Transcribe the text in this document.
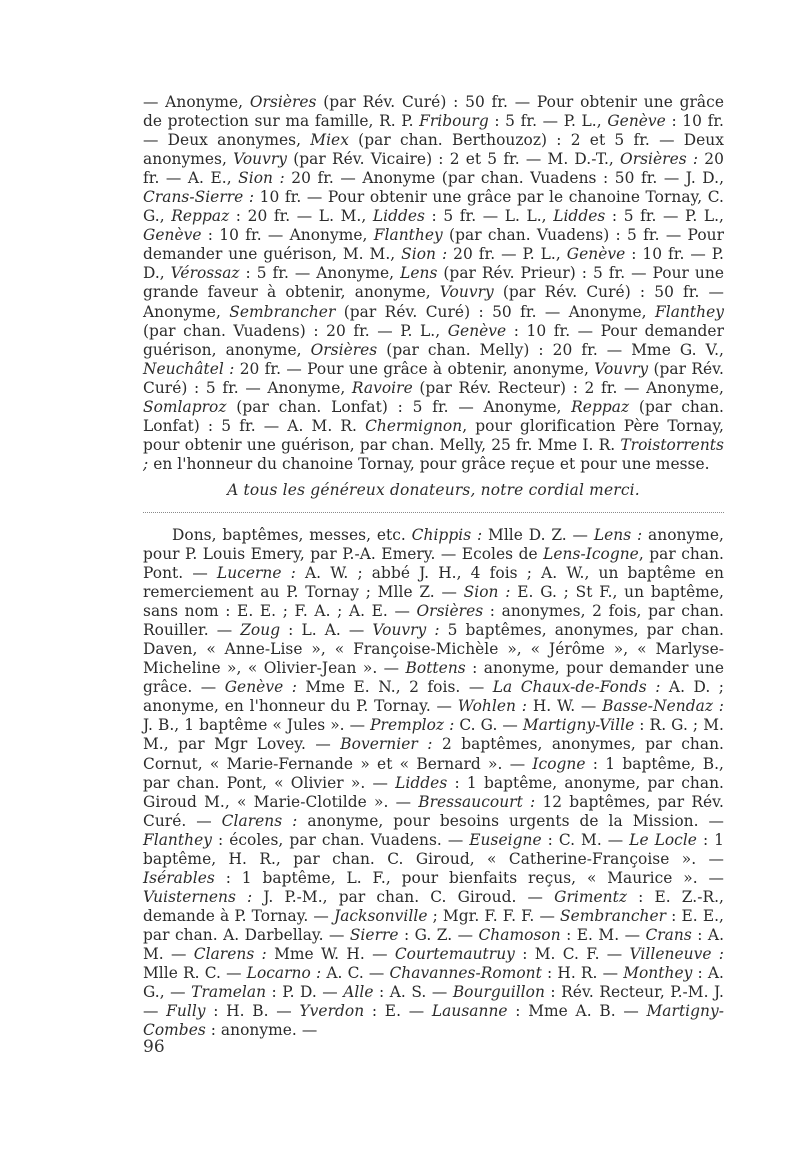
— Anonyme, Orsières (par Rév. Curé) : 50 fr. — Pour obtenir une grâce de protection sur ma famille, R. P. Fribourg : 5 fr. — P. L., Genève : 10 fr. — Deux anonymes, Miex (par chan. Berthouzoz) : 2 et 5 fr. — Deux anonymes, Vouvry (par Rév. Vicaire) : 2 et 5 fr. — M. D.-T., Orsières : 20 fr. — A. E., Sion : 20 fr. — Anonyme (par chan. Vuadens : 50 fr. — J. D., Crans-Sierre : 10 fr. — Pour obtenir une grâce par le chanoine Tornay, C. G., Reppaz : 20 fr. — L. M., Liddes : 5 fr. — L. L., Liddes : 5 fr. — P. L., Genève : 10 fr. — Anonyme, Flanthey (par chan. Vuadens) : 5 fr. — Pour demander une guérison, M. M., Sion : 20 fr. — P. L., Genève : 10 fr. — P. D., Vérossaz : 5 fr. — Anonyme, Lens (par Rév. Prieur) : 5 fr. — Pour une grande faveur à obtenir, anonyme, Vouvry (par Rév. Curé) : 50 fr. — Anonyme, Sembrancher (par Rév. Curé) : 50 fr. — Anonyme, Flanthey (par chan. Vuadens) : 20 fr. — P. L., Genève : 10 fr. — Pour demander guérison, anonyme, Orsières (par chan. Melly) : 20 fr. — Mme G. V., Neuchâtel : 20 fr. — Pour une grâce à obtenir, anonyme, Vouvry (par Rév. Curé) : 5 fr. — Anonyme, Ravoire (par Rév. Recteur) : 2 fr. — Anonyme, Somlaproz (par chan. Lonfat) : 5 fr. — Anonyme, Reppaz (par chan. Lonfat) : 5 fr. — A. M. R. Chermignon, pour glorification Père Tornay, pour obtenir une guérison, par chan. Melly, 25 fr. Mme I. R. Troistorrents ; en l'honneur du chanoine Tornay, pour grâce reçue et pour une messe.

A tous les généreux donateurs, notre cordial merci.

Dons, baptêmes, messes, etc. Chippis : Mlle D. Z. — Lens : anonyme, pour P. Louis Emery, par P.-A. Emery. — Ecoles de Lens-Icogne, par chan. Pont. — Lucerne : A. W. ; abbé J. H., 4 fois ; A. W., un baptême en remerciement au P. Tornay ; Mlle Z. — Sion : E. G. ; St F., un baptême, sans nom : E. E. ; F. A. ; A. E. — Orsières : anonymes, 2 fois, par chan. Rouiller. — Zoug : L. A. — Vouvry : 5 baptêmes, anonymes, par chan. Daven, « Anne-Lise », « Françoise-Michèle », « Jérôme », « Marlyse-Micheline », « Olivier-Jean ». — Bottens : anonyme, pour demander une grâce. — Genève : Mme E. N., 2 fois. — La Chaux-de-Fonds : A. D. ; anonyme, en l'honneur du P. Tornay. — Wohlen : H. W. — Basse-Nendaz : J. B., 1 baptême « Jules ». — Premploz : C. G. — Martigny-Ville : R. G. ; M. M., par Mgr Lovey. — Bovernier : 2 baptêmes, anonymes, par chan. Cornut, « Marie-Fernande » et « Bernard ». — Icogne : 1 baptême, B., par chan. Pont, « Olivier ». — Liddes : 1 baptême, anonyme, par chan. Giroud M., « Marie-Clotilde ». — Bressaucourt : 12 baptêmes, par Rév. Curé. — Clarens : anonyme, pour besoins urgents de la Mission. — Flanthey : écoles, par chan. Vuadens. — Euseigne : C. M. — Le Locle : 1 baptême, H. R., par chan. C. Giroud, « Catherine-Françoise ». — Isérables : 1 baptême, L. F., pour bienfaits reçus, « Maurice ». — Vuisternens : J. P.-M., par chan. C. Giroud. — Grimentz : E. Z.-R., demande à P. Tornay. — Jacksonville ; Mgr. F. F. F. — Sembrancher : E. E., par chan. A. Darbellay. — Sierre : G. Z. — Chamoson : E. M. — Crans : A. M. — Clarens : Mme W. H. — Courtemautruy : M. C. F. — Villeneuve : Mlle R. C. — Locarno : A. C. — Chavannes-Romont : H. R. — Monthey : A. G., — Tramelan : P. D. — Alle : A. S. — Bourguillon : Rév. Recteur, P.-M. J. — Fully : H. B. — Yverdon : E. — Lausanne : Mme A. B. — Martigny-Combes : anonyme. —

96
